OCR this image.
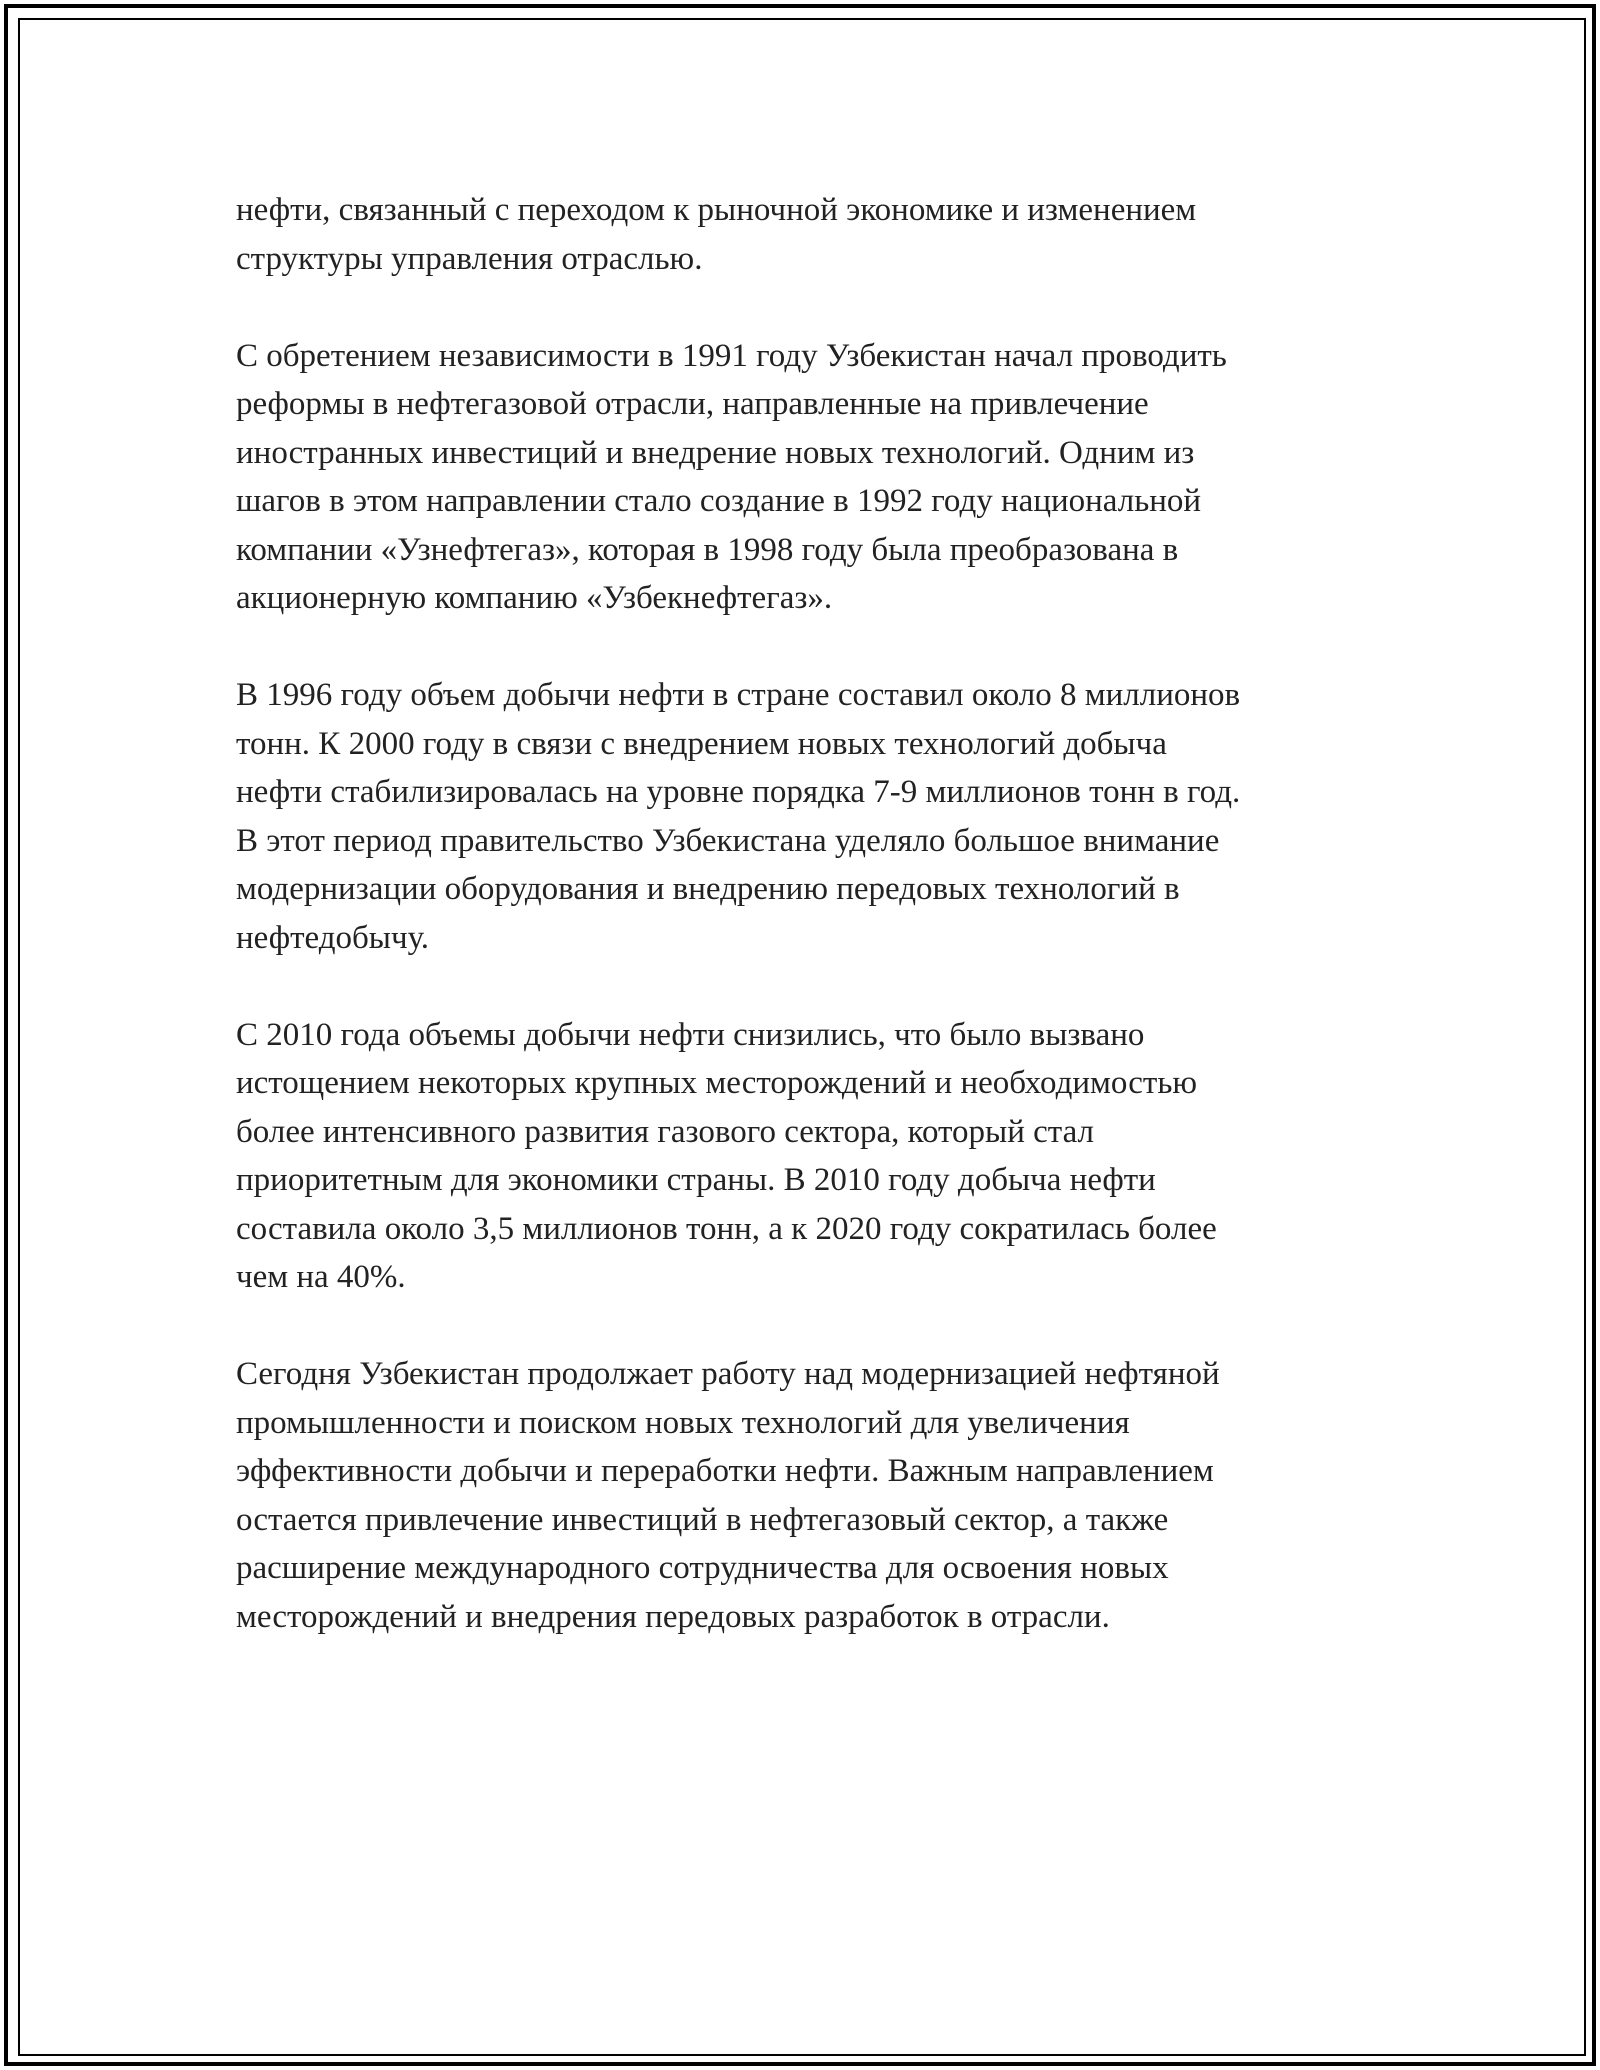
нефти, связанный с переходом к рыночной экономике и изменением
структуры управления отраслью.

С обретением независимости в 1991 году Узбекистан начал проводить
реформы в нефтегазовой отрасли, направленные на привлечение
иностранных инвестиций и внедрение новых технологий. Одним из
шагов в этом направлении стало создание в 1992 году национальной
компании «Узнефтегаз», которая в 1998 году была преобразована в
акционерную компанию «Узбекнефтегаз».

В 1996 году объем добычи нефти в стране составил около 8 миллионов
тонн. К 2000 году в связи с внедрением новых технологий добыча
нефти стабилизировалась на уровне порядка 7-9 миллионов тонн в год.
В этот период правительство Узбекистана уделяло большое внимание
модернизации оборудования и внедрению передовых технологий в
нефтедобычу.

С 2010 года объемы добычи нефти снизились, что было вызвано
истощением некоторых крупных месторождений и необходимостью
более интенсивного развития газового сектора, который стал
приоритетным для экономики страны. В 2010 году добыча нефти
составила около 3,5 миллионов тонн, а к 2020 году сократилась более
чем на 40%.

Сегодня Узбекистан продолжает работу над модернизацией нефтяной
промышленности и поиском новых технологий для увеличения
эффективности добычи и переработки нефти. Важным направлением
остается привлечение инвестиций в нефтегазовый сектор, а также
расширение международного сотрудничества для освоения новых
месторождений и внедрения передовых разработок в отрасли.
